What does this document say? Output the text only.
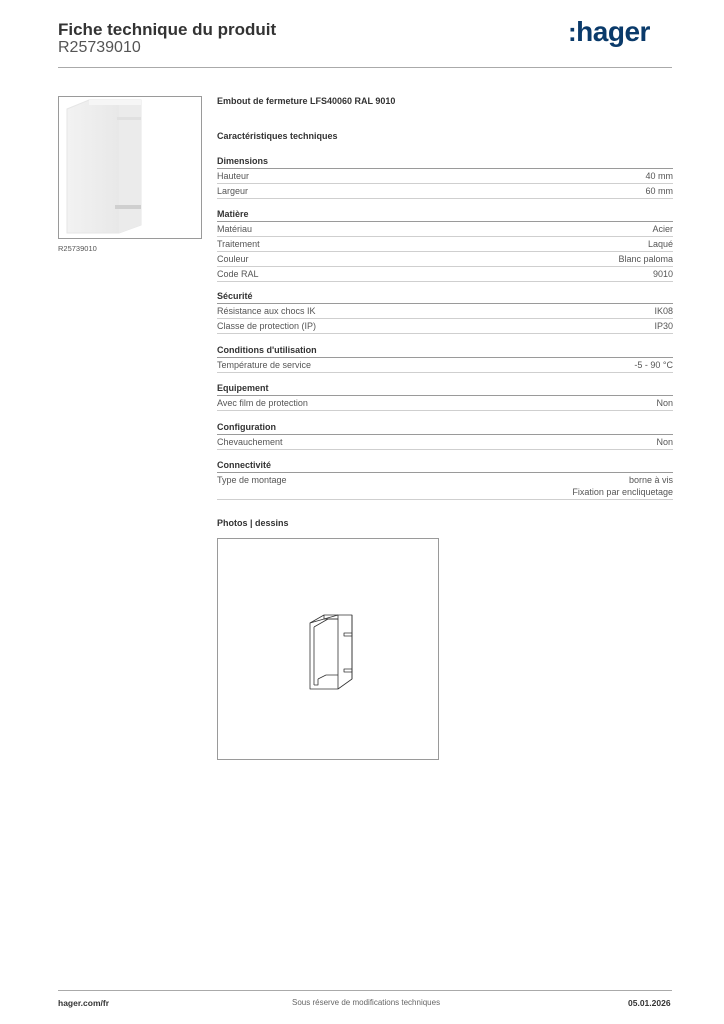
Fiche technique du produit
R25739010
:hager
R25739010
Embout de fermeture LFS40060 RAL 9010
Caractéristiques techniques
Dimensions
Hauteur	40 mm
Largeur	60 mm
Matière
Matériau	Acier
Traitement	Laqué
Couleur	Blanc paloma
Code RAL	9010
Sécurité
Résistance aux chocs IK	IK08
Classe de protection (IP)	IP30
Conditions d'utilisation
Température de service	-5 - 90 °C
Equipement
Avec film de protection	Non
Configuration
Chevauchement	Non
Connectivité
Type de montage	borne à vis
Fixation par encliquetage
Photos | dessins
hager.com/fr	Sous réserve de modifications techniques	05.01.2026
